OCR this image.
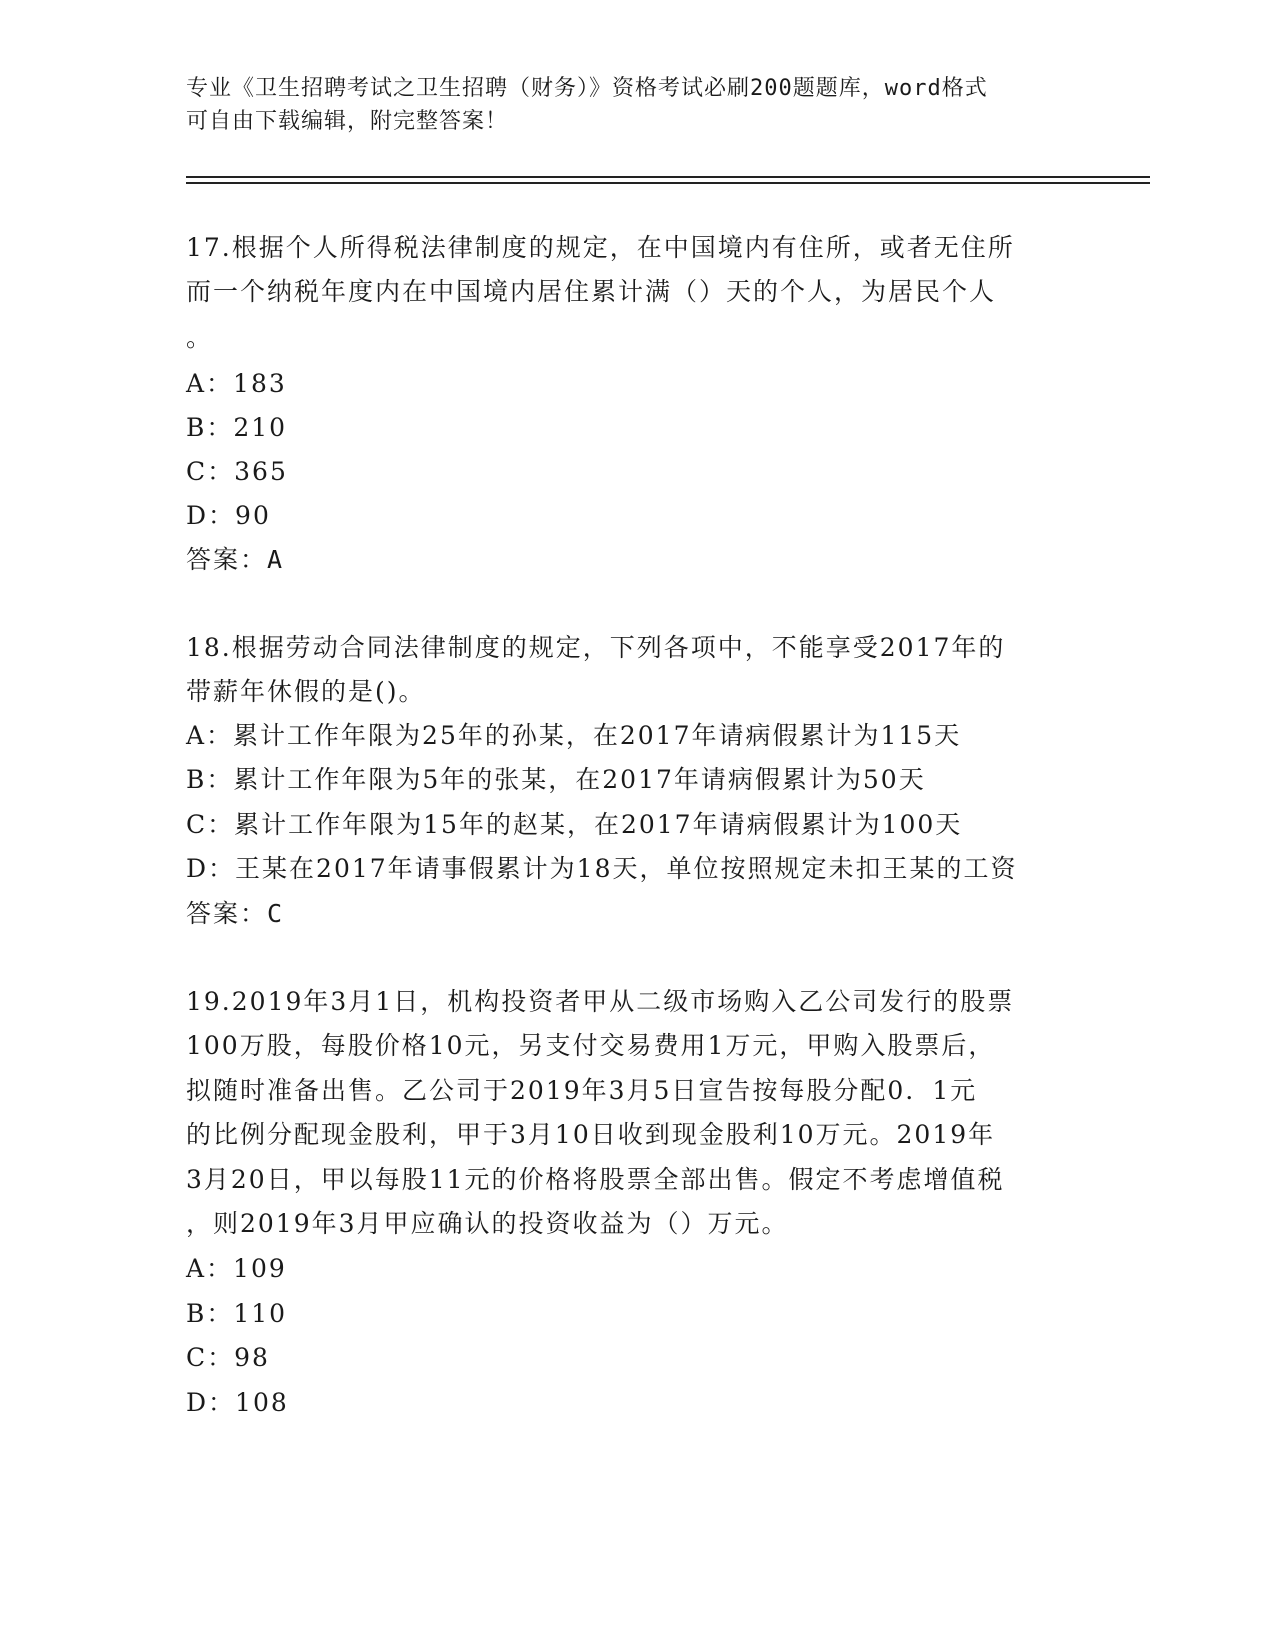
专业《卫生招聘考试之卫生招聘（财务）》资格考试必刷200题题库，word格式
可自由下载编辑，附完整答案！
17.根据个人所得税法律制度的规定，在中国境内有住所，或者无住所
而一个纳税年度内在中国境内居住累计满（）天的个人，为居民个人
。
A：183
B：210
C：365
D：90
答案：A
18.根据劳动合同法律制度的规定，下列各项中，不能享受2017年的
带薪年休假的是()。
A：累计工作年限为25年的孙某，在2017年请病假累计为115天
B：累计工作年限为5年的张某，在2017年请病假累计为50天
C：累计工作年限为15年的赵某，在2017年请病假累计为100天
D：王某在2017年请事假累计为18天，单位按照规定未扣王某的工资
答案：C
19.2019年3月1日，机构投资者甲从二级市场购入乙公司发行的股票
100万股，每股价格10元，另支付交易费用1万元，甲购入股票后，
拟随时准备出售。乙公司于2019年3月5日宣告按每股分配0．1元
的比例分配现金股利，甲于3月10日收到现金股利10万元。2019年
3月20日，甲以每股11元的价格将股票全部出售。假定不考虑增值税
，则2019年3月甲应确认的投资收益为（）万元。
A：109
B：110
C：98
D：108
